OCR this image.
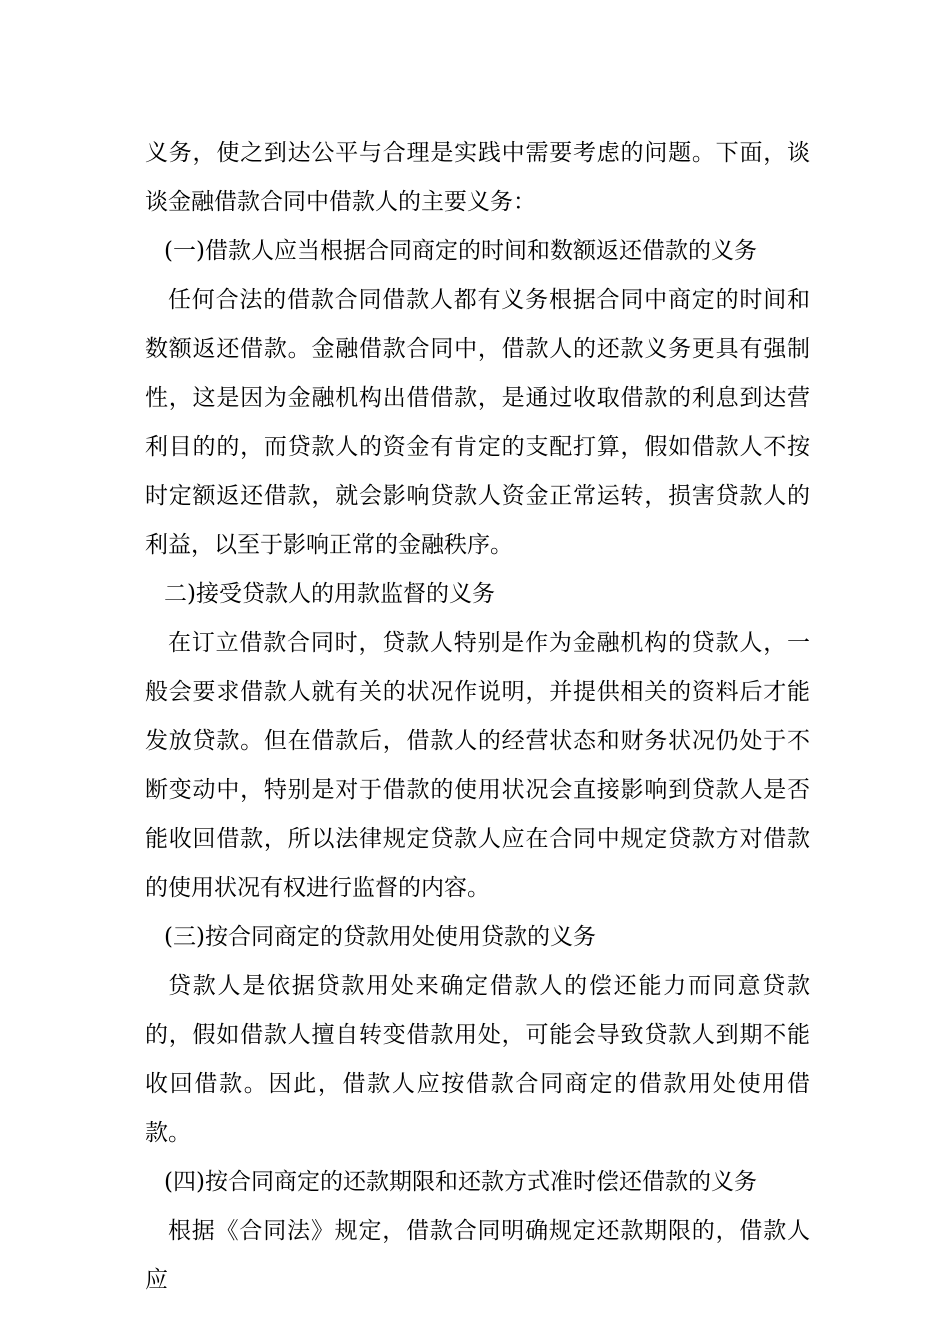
义务，使之到达公平与合理是实践中需要考虑的问题。下面，谈谈金融借款合同中借款人的主要义务：

(一)借款人应当根据合同商定的时间和数额返还借款的义务

任何合法的借款合同借款人都有义务根据合同中商定的时间和数额返还借款。金融借款合同中，借款人的还款义务更具有强制性，这是因为金融机构出借借款，是通过收取借款的利息到达营利目的的，而贷款人的资金有肯定的支配打算，假如借款人不按时定额返还借款，就会影响贷款人资金正常运转，损害贷款人的利益，以至于影响正常的金融秩序。

二)接受贷款人的用款监督的义务

在订立借款合同时，贷款人特别是作为金融机构的贷款人，一般会要求借款人就有关的状况作说明，并提供相关的资料后才能发放贷款。但在借款后，借款人的经营状态和财务状况仍处于不断变动中，特别是对于借款的使用状况会直接影响到贷款人是否能收回借款，所以法律规定贷款人应在合同中规定贷款方对借款的使用状况有权进行监督的内容。

(三)按合同商定的贷款用处使用贷款的义务

贷款人是依据贷款用处来确定借款人的偿还能力而同意贷款的，假如借款人擅自转变借款用处，可能会导致贷款人到期不能收回借款。因此，借款人应按借款合同商定的借款用处使用借款。

(四)按合同商定的还款期限和还款方式准时偿还借款的义务

根据《合同法》规定，借款合同明确规定还款期限的，借款人应
